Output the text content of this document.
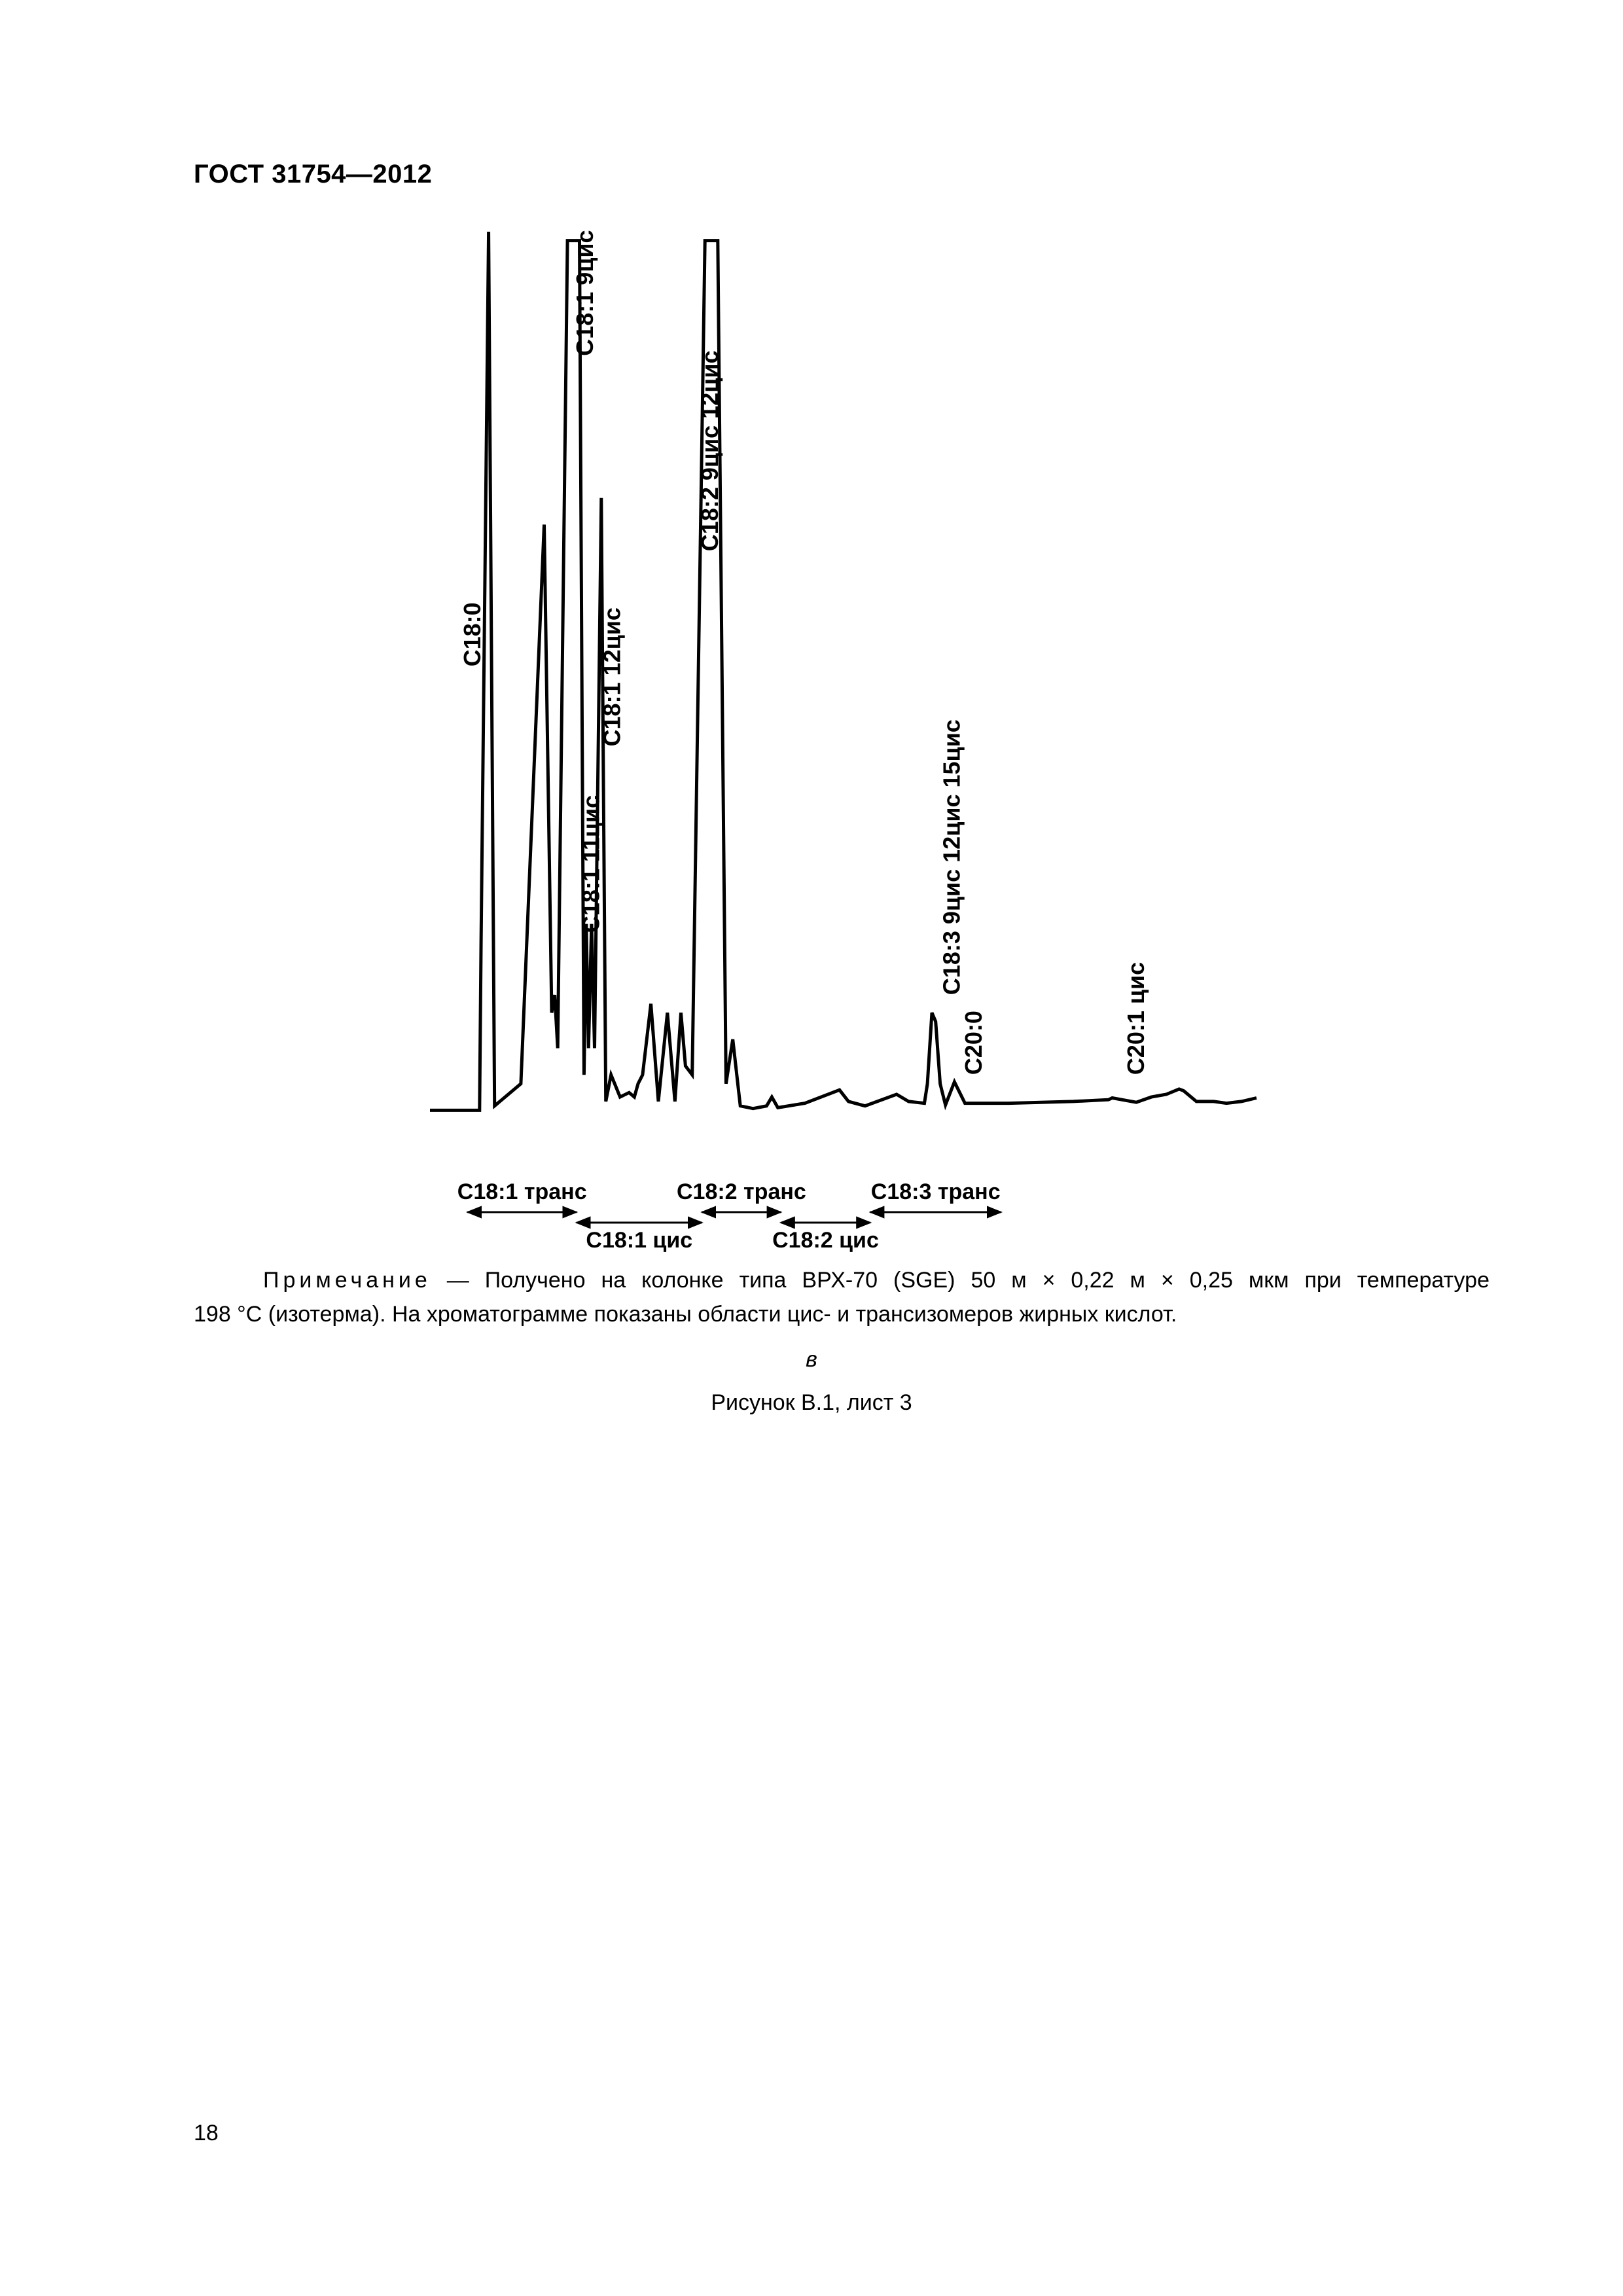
ГОСТ 31754—2012
C18:0
C18:1 9цис
C18:1 12цис
C18:1 11цис
C18:2 9цис 12цис
C18:3 9цис 12цис 15цис
C20:0	C20:1 цис
C18:1 транс
C18:1 цис
C18:2 транс
C18:2 цис
C18:3 транс
Примечание — Получено на колонке типа ВРХ-70 (SGE) 50 м × 0,22 м × 0,25 мкм при температуре
198 °С (изотерма). На хроматограмме показаны области цис- и трансизомеров жирных кислот.
в
Рисунок В.1, лист 3
18
